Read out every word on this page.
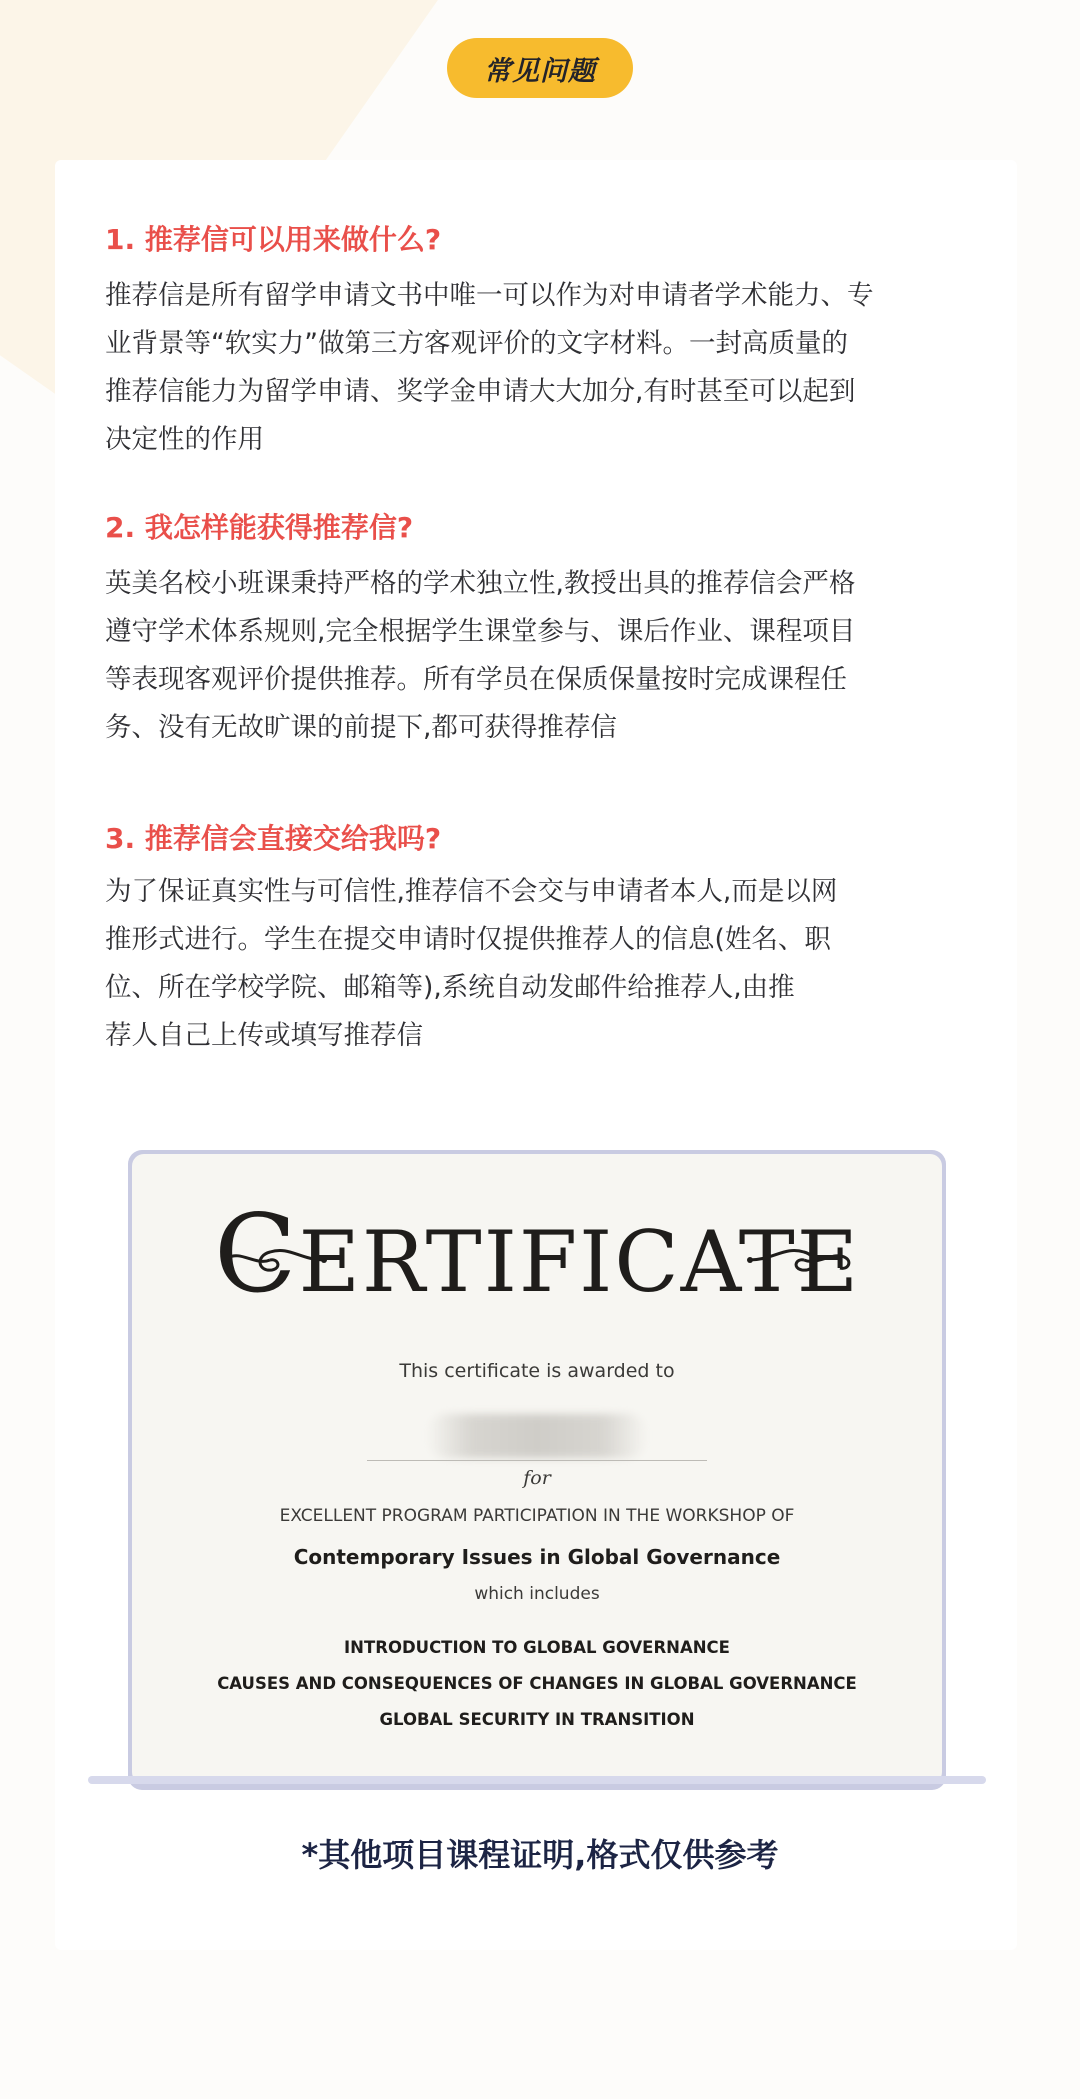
常见问题
1. 推荐信可以用来做什么?
推荐信是所有留学申请文书中唯一可以作为对申请者学术能力、专
业背景等“软实力”做第三方客观评价的文字材料。一封高质量的
推荐信能力为留学申请、奖学金申请大大加分,有时甚至可以起到
决定性的作用
2. 我怎样能获得推荐信?
英美名校小班课秉持严格的学术独立性,教授出具的推荐信会严格
遵守学术体系规则,完全根据学生课堂参与、课后作业、课程项目
等表现客观评价提供推荐。所有学员在保质保量按时完成课程任
务、没有无故旷课的前提下,都可获得推荐信
3. 推荐信会直接交给我吗?
为了保证真实性与可信性,推荐信不会交与申请者本人,而是以网
推形式进行。学生在提交申请时仅提供推荐人的信息(姓名、职
位、所在学校学院、邮箱等),系统自动发邮件给推荐人,由推
荐人自己上传或填写推荐信
CERTIFICATE
This certificate is awarded to
for
EXCELLENT PROGRAM PARTICIPATION IN THE WORKSHOP OF
Contemporary Issues in Global Governance
which includes
INTRODUCTION TO GLOBAL GOVERNANCE
CAUSES AND CONSEQUENCES OF CHANGES IN GLOBAL GOVERNANCE
GLOBAL SECURITY IN TRANSITION
*其他项目课程证明,格式仅供参考
